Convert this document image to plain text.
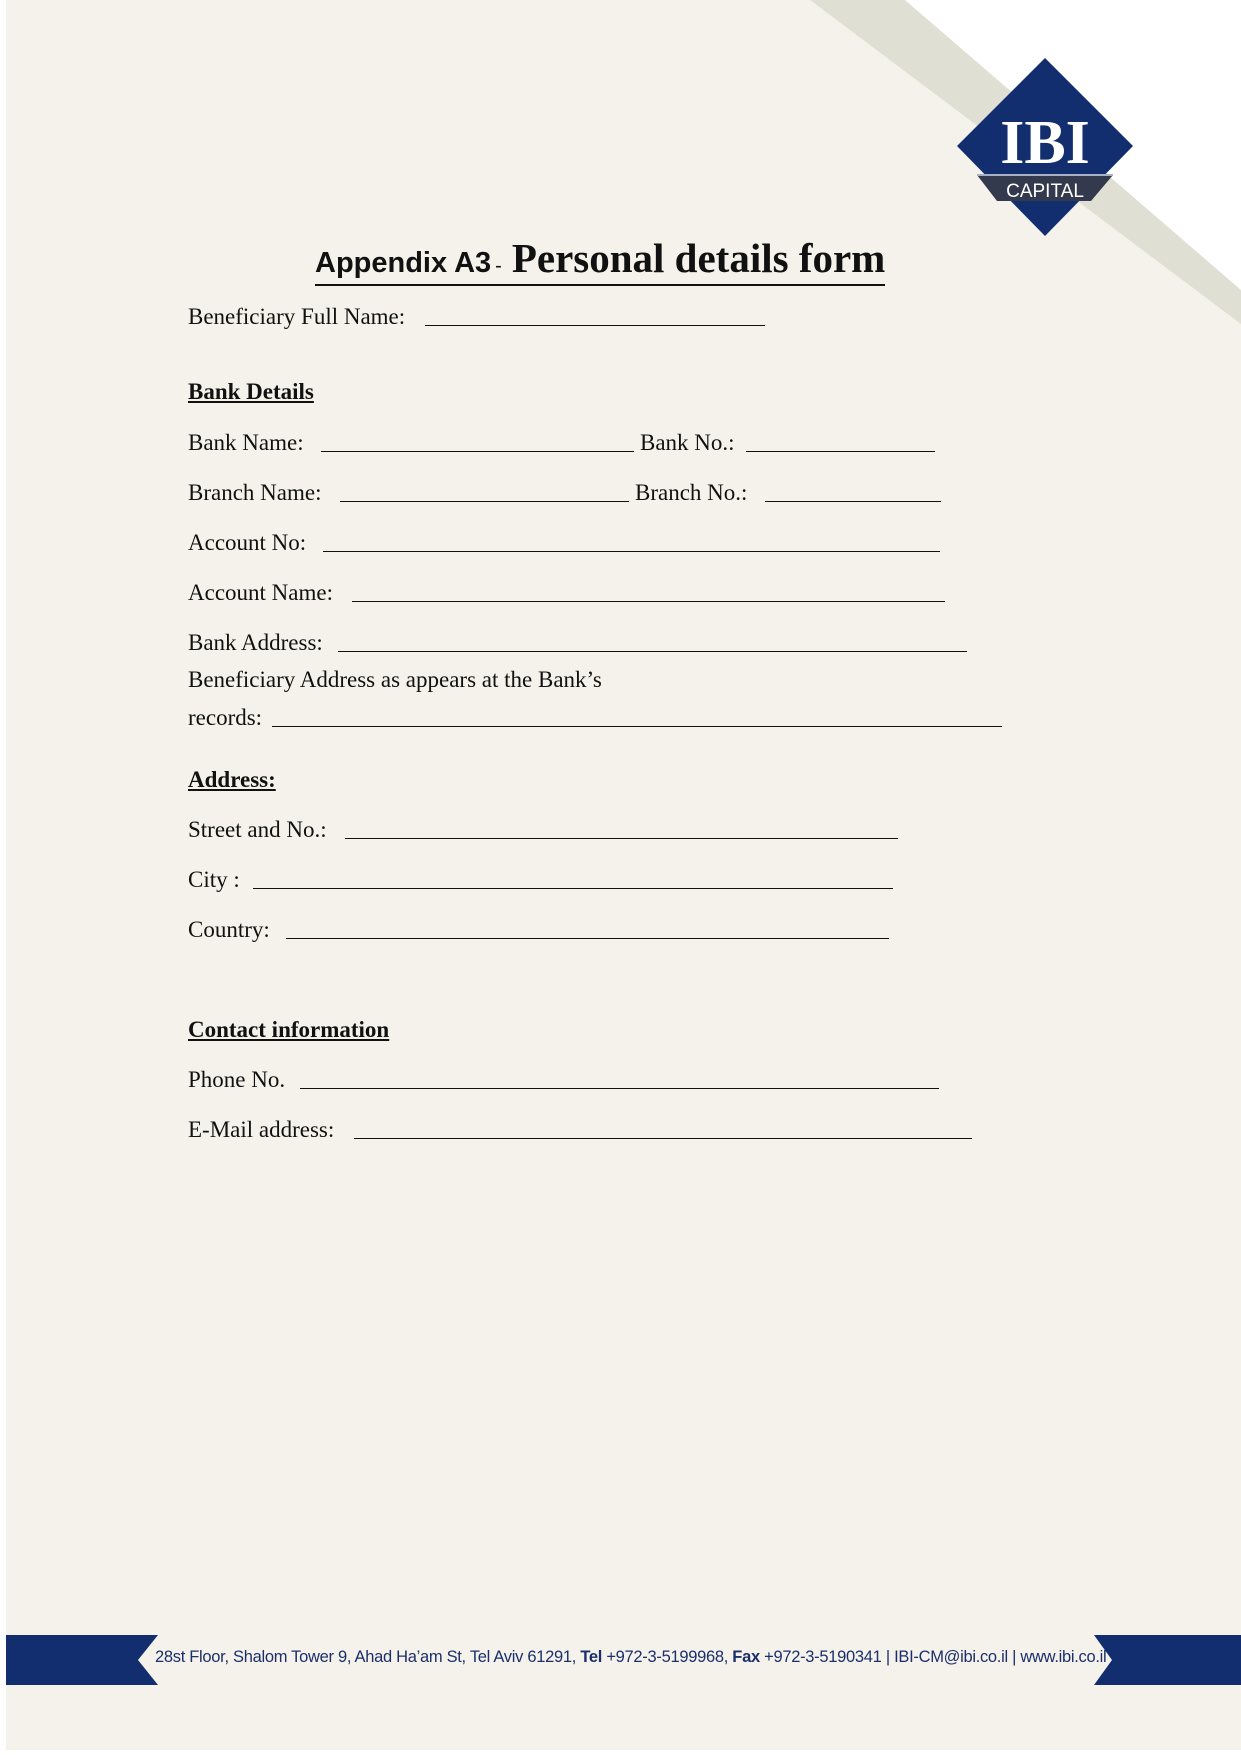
IBI
CAPITAL
Appendix A3 - Personal details form
Beneficiary Full Name:
Bank Details
Bank Name:	Bank No.:
Branch Name:	Branch No.:
Account No:
Account Name:
Bank Address:
Beneficiary Address as appears at the Bank’s
records:
Address:
Street and No.:
City :
Country:
Contact information
Phone No.
E-Mail address:
28st Floor, Shalom Tower 9, Ahad Ha’am St, Tel Aviv 61291, Tel +972-3-5199968, Fax +972-3-5190341 | IBI-CM@ibi.co.il | www.ibi.co.il
